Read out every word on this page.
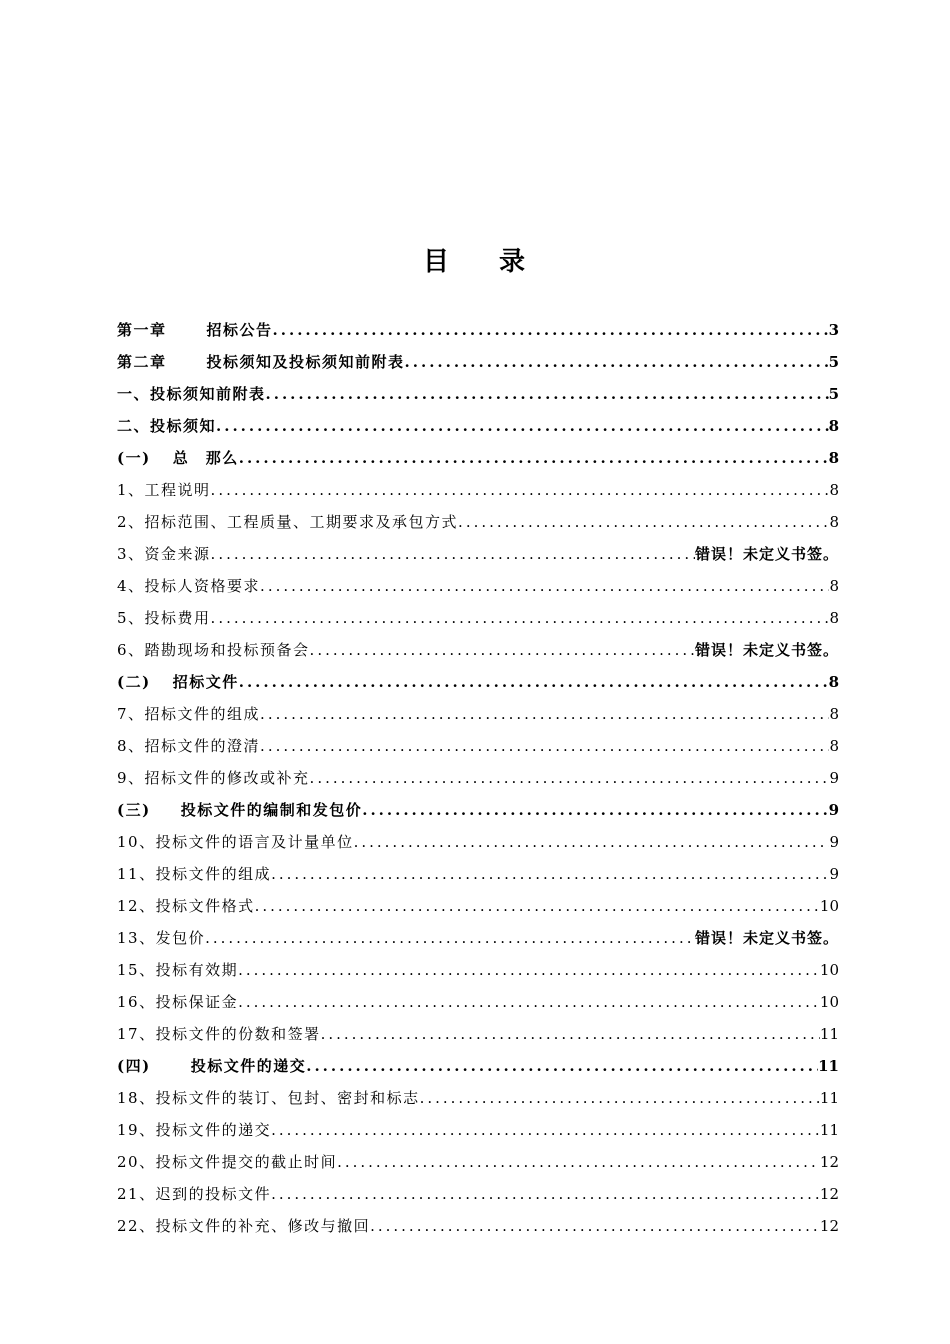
目 录
第一章	招标公告 .....	3
第二章	投标须知及投标须知前附表 .....	5
一、投标须知前附表 .....	5
二、投标须知 .....	8
(一) 总　那么 .....	8
1、工程说明 .....	8
2、招标范围、工程质量、工期要求及承包方式 .....	8
3、资金来源 .....	错误！未定义书签。
4、投标人资格要求 .....	8
5、投标费用 .....	8
6、踏勘现场和投标预备会 .....	错误！未定义书签。
(二) 招标文件 .....	8
7、招标文件的组成 .....	8
8、招标文件的澄清 .....	8
9、招标文件的修改或补充 .....	9
(三) 投标文件的编制和发包价 .....	9
10、投标文件的语言及计量单位 .....	9
11、投标文件的组成 .....	9
12、投标文件格式 .....	10
13、发包价 .....	错误！未定义书签。
15、投标有效期 .....	10
16、投标保证金 .....	10
17、投标文件的份数和签署 .....	11
(四)	投标文件的递交 .....	11
18、投标文件的装订、包封、密封和标志 .....	11
19、投标文件的递交 .....	11
20、投标文件提交的截止时间 .....	12
21、迟到的投标文件 .....	12
22、投标文件的补充、修改与撤回 .....	12
